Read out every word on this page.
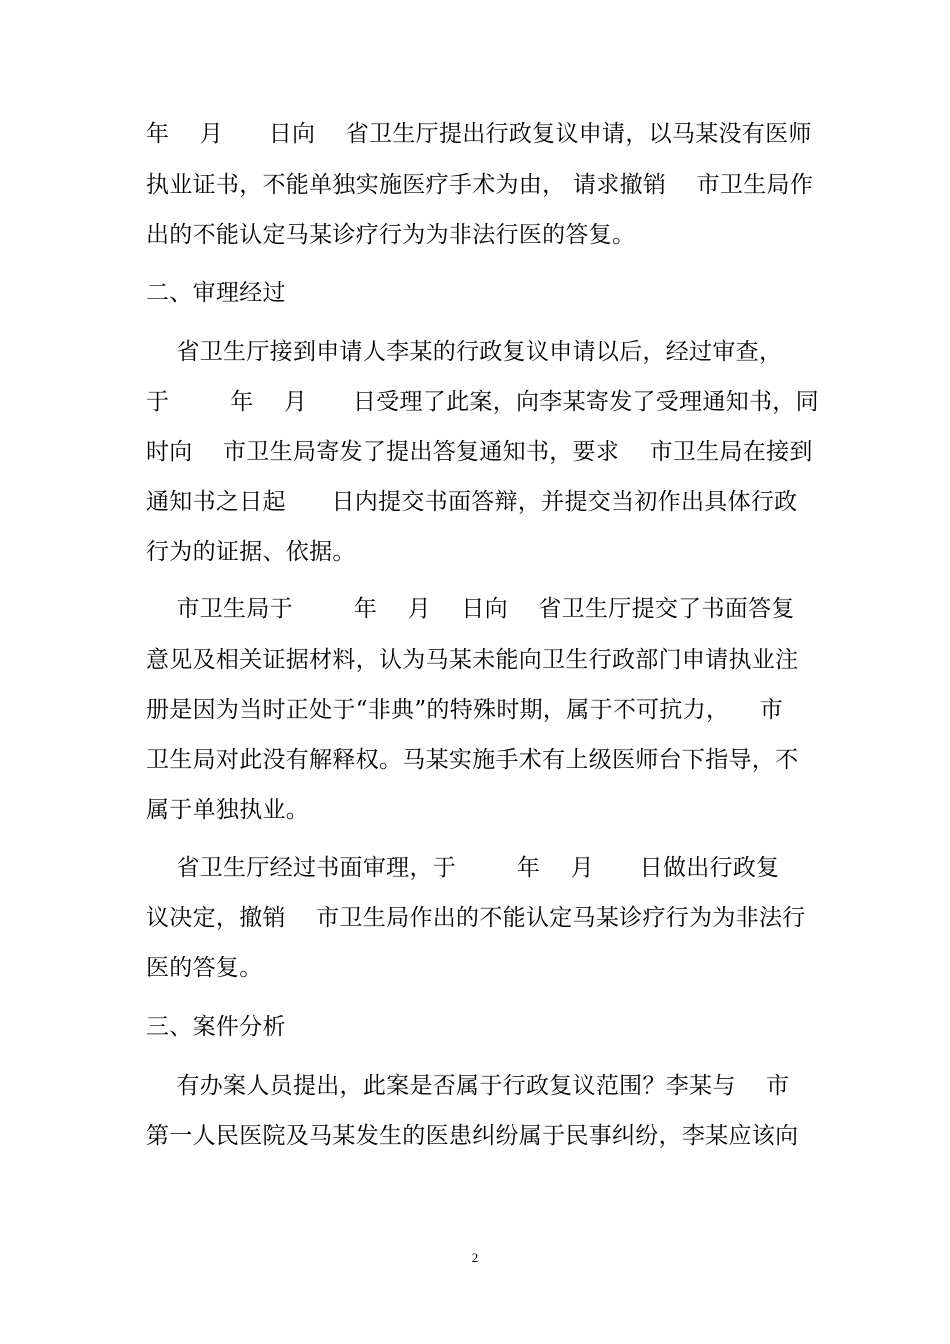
年    月      日向    省卫生厅提出行政复议申请，以马某没有医师
执业证书，不能单独实施医疗手术为由， 请求撤销    市卫生局作
出的不能认定马某诊疗行为为非法行医的答复。
二、审理经过
省卫生厅接到申请人李某的行政复议申请以后，经过审查，
于        年    月      日受理了此案，向李某寄发了受理通知书，同
时向    市卫生局寄发了提出答复通知书，要求    市卫生局在接到
通知书之日起      日内提交书面答辩，并提交当初作出具体行政
行为的证据、依据。
市卫生局于        年    月    日向    省卫生厅提交了书面答复
意见及相关证据材料，认为马某未能向卫生行政部门申请执业注
册是因为当时正处于“非典”的特殊时期，属于不可抗力，    市
卫生局对此没有解释权。马某实施手术有上级医师台下指导，不
属于单独执业。
省卫生厅经过书面审理，于        年    月      日做出行政复
议决定，撤销    市卫生局作出的不能认定马某诊疗行为为非法行
医的答复。
三、案件分析
有办案人员提出，此案是否属于行政复议范围？李某与    市
第一人民医院及马某发生的医患纠纷属于民事纠纷，李某应该向
2
